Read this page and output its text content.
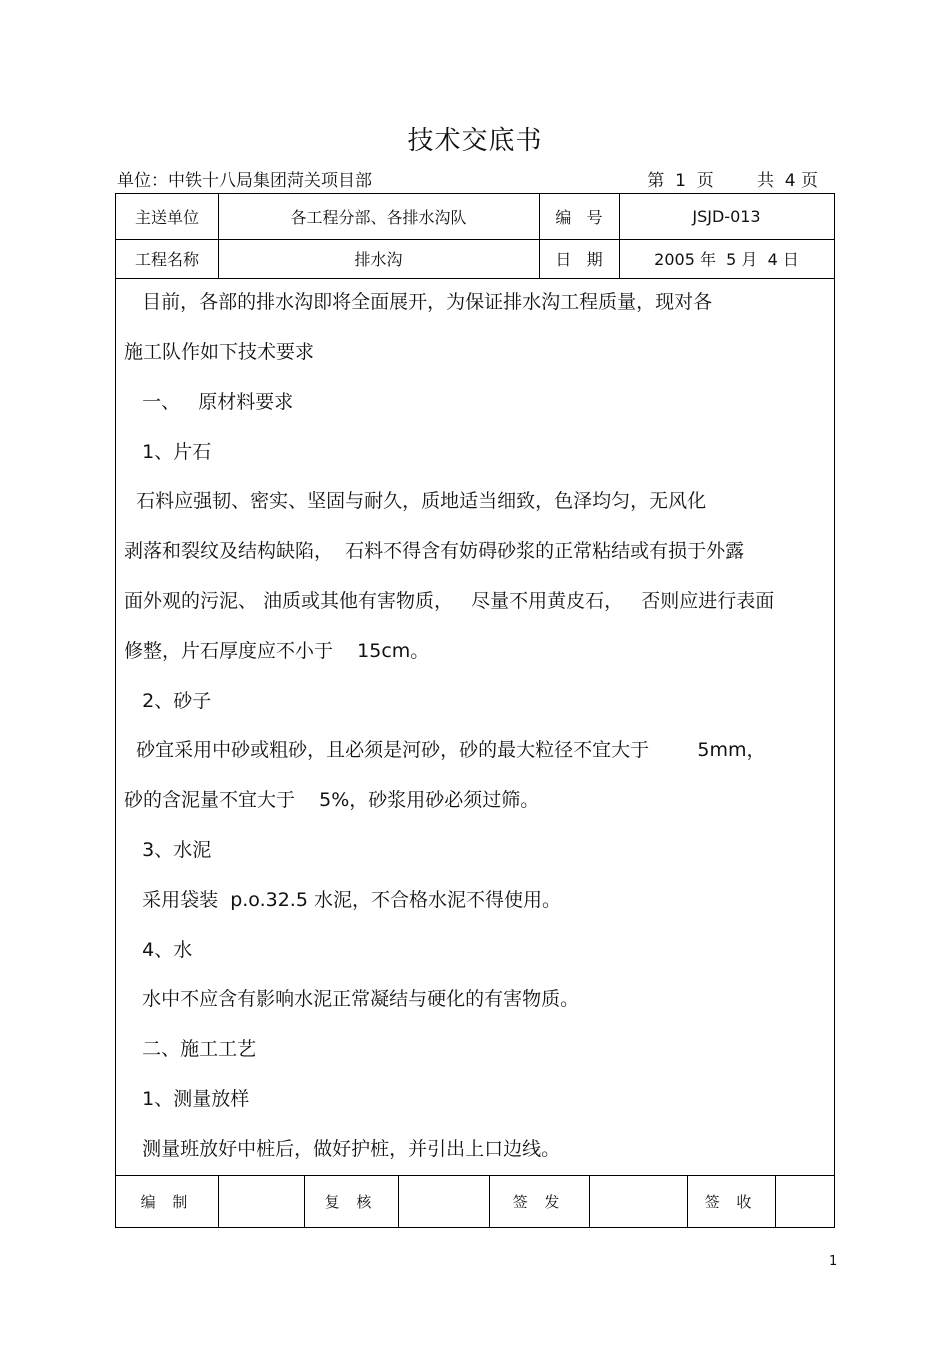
技术交底书
单位：中铁十八局集团菏关项目部	第  1  页        共  4 页
主送单位	各工程分部、各排水沟队	编   号	JSJD-013
工程名称	排水沟	日   期	2005 年  5 月  4 日
目前，各部的排水沟即将全面展开，为保证排水沟工程质量，现对各
施工队作如下技术要求
一、   原材料要求
1、片石
石料应强韧、密实、坚固与耐久，质地适当细致，色泽均匀，无风化
剥落和裂纹及结构缺陷，  石料不得含有妨碍砂浆的正常粘结或有损于外露
面外观的污泥、 油质或其他有害物质，   尽量不用黄皮石，   否则应进行表面
修整，片石厚度应不小于    15cm。
2、砂子
砂宜采用中砂或粗砂，且必须是河砂，砂的最大粒径不宜大于        5mm，
砂的含泥量不宜大于    5%，砂浆用砂必须过筛。
3、水泥
采用袋装  p.o.32.5 水泥，不合格水泥不得使用。
4、水
水中不应含有影响水泥正常凝结与硬化的有害物质。
二、施工工艺
1、测量放样
测量班放好中桩后，做好护桩，并引出上口边线。
编 制	复 核	签 发	签 收
1
